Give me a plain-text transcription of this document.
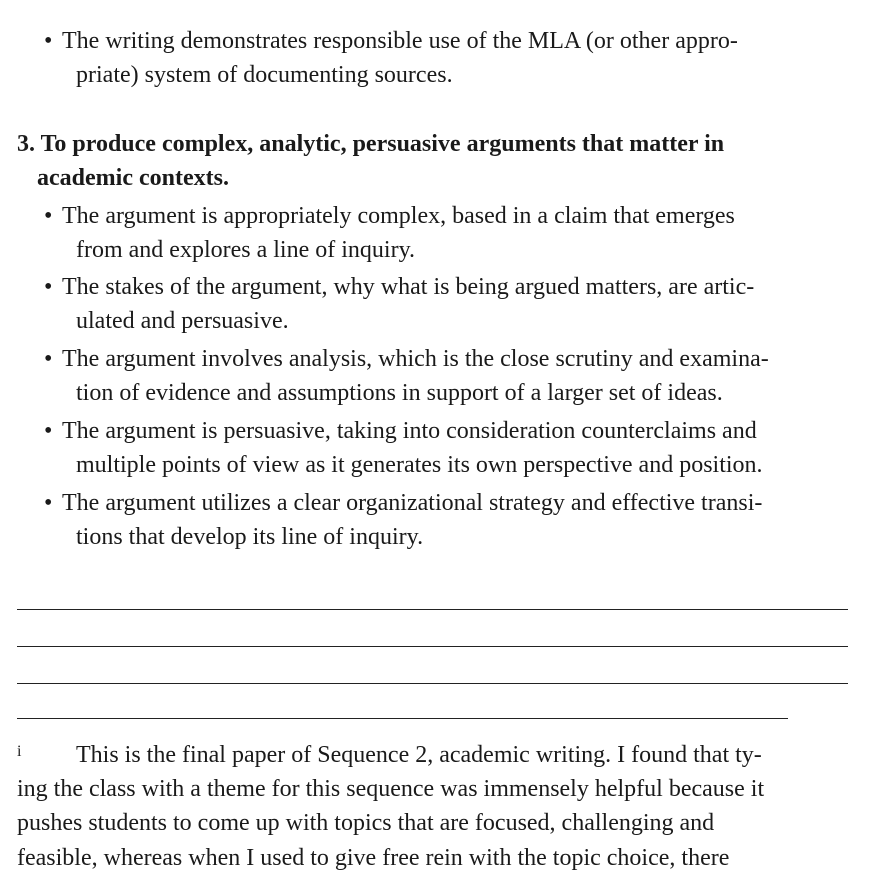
• The writing demonstrates responsible use of the MLA (or other appro-

priate) system of documenting sources.

3. To produce complex, analytic, persuasive arguments that matter in

academic contexts.

• The argument is appropriately complex, based in a claim that emerges

from and explores a line of inquiry.

• The stakes of the argument, why what is being argued matters, are artic-

ulated and persuasive.

• The argument involves analysis, which is the close scrutiny and examina-

tion of evidence and assumptions in support of a larger set of ideas.

• The argument is persuasive, taking into consideration counterclaims and

multiple points of view as it generates its own perspective and position.

• The argument utilizes a clear organizational strategy and effective transi-

tions that develop its line of inquiry.

i This is the final paper of Sequence 2, academic writing. I found that ty-

ing the class with a theme for this sequence was immensely helpful because it

pushes students to come up with topics that are focused, challenging and

feasible, whereas when I used to give free rein with the topic choice, there
